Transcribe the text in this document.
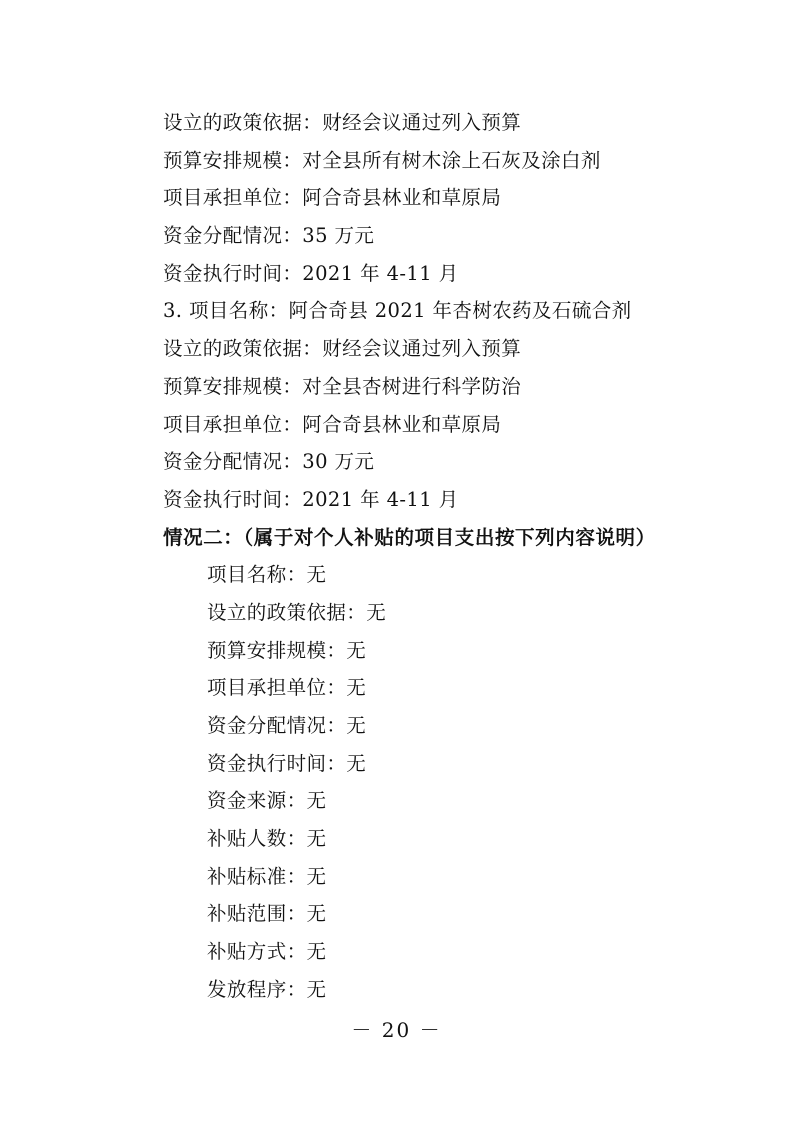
设立的政策依据：财经会议通过列入预算
预算安排规模：对全县所有树木涂上石灰及涂白剂
项目承担单位：阿合奇县林业和草原局
资金分配情况：35 万元
资金执行时间：2021 年 4-11 月
3. 项目名称：阿合奇县 2021 年杏树农药及石硫合剂
设立的政策依据：财经会议通过列入预算
预算安排规模：对全县杏树进行科学防治
项目承担单位：阿合奇县林业和草原局
资金分配情况：30 万元
资金执行时间：2021 年 4-11 月
情况二：（属于对个人补贴的项目支出按下列内容说明）
项目名称：无
设立的政策依据：无
预算安排规模：无
项目承担单位：无
资金分配情况：无
资金执行时间：无
资金来源：无
补贴人数：无
补贴标准：无
补贴范围：无
补贴方式：无
发放程序：无
－ 20 －
